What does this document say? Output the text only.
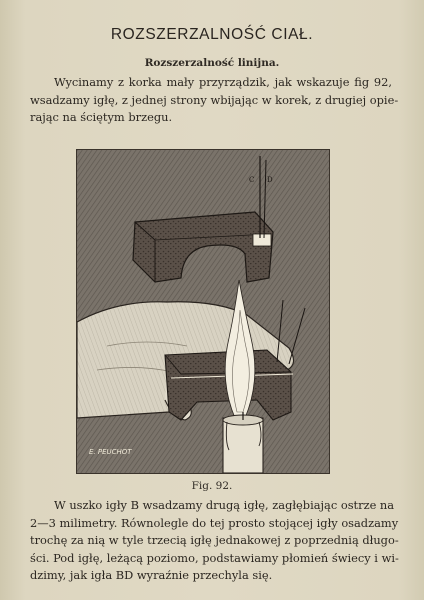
ROZSZERZALNOŚĆ CIAŁ.
Rozszerzalność linijna.
Wycinamy z korka mały przyrządzik, jak wskazuje fig 92,
wsadzamy igłę, z jednej strony wbijając w korek, z drugiej opie-
rając na ściętym brzegu.
C D
E. PEUCHOT
Fig. 92.
W uszko igły B wsadzamy drugą igłę, zagłębiając ostrze na
2—3 milimetry. Równolegle do tej prosto stojącej igły osadzamy
trochę za nią w tyle trzecią igłę jednakowej z poprzednią długo-
ści. Pod igłę, leżącą poziomo, podstawiamy płomień świecy i wi-
dzimy, jak igła BD wyraźnie przechyla się.
